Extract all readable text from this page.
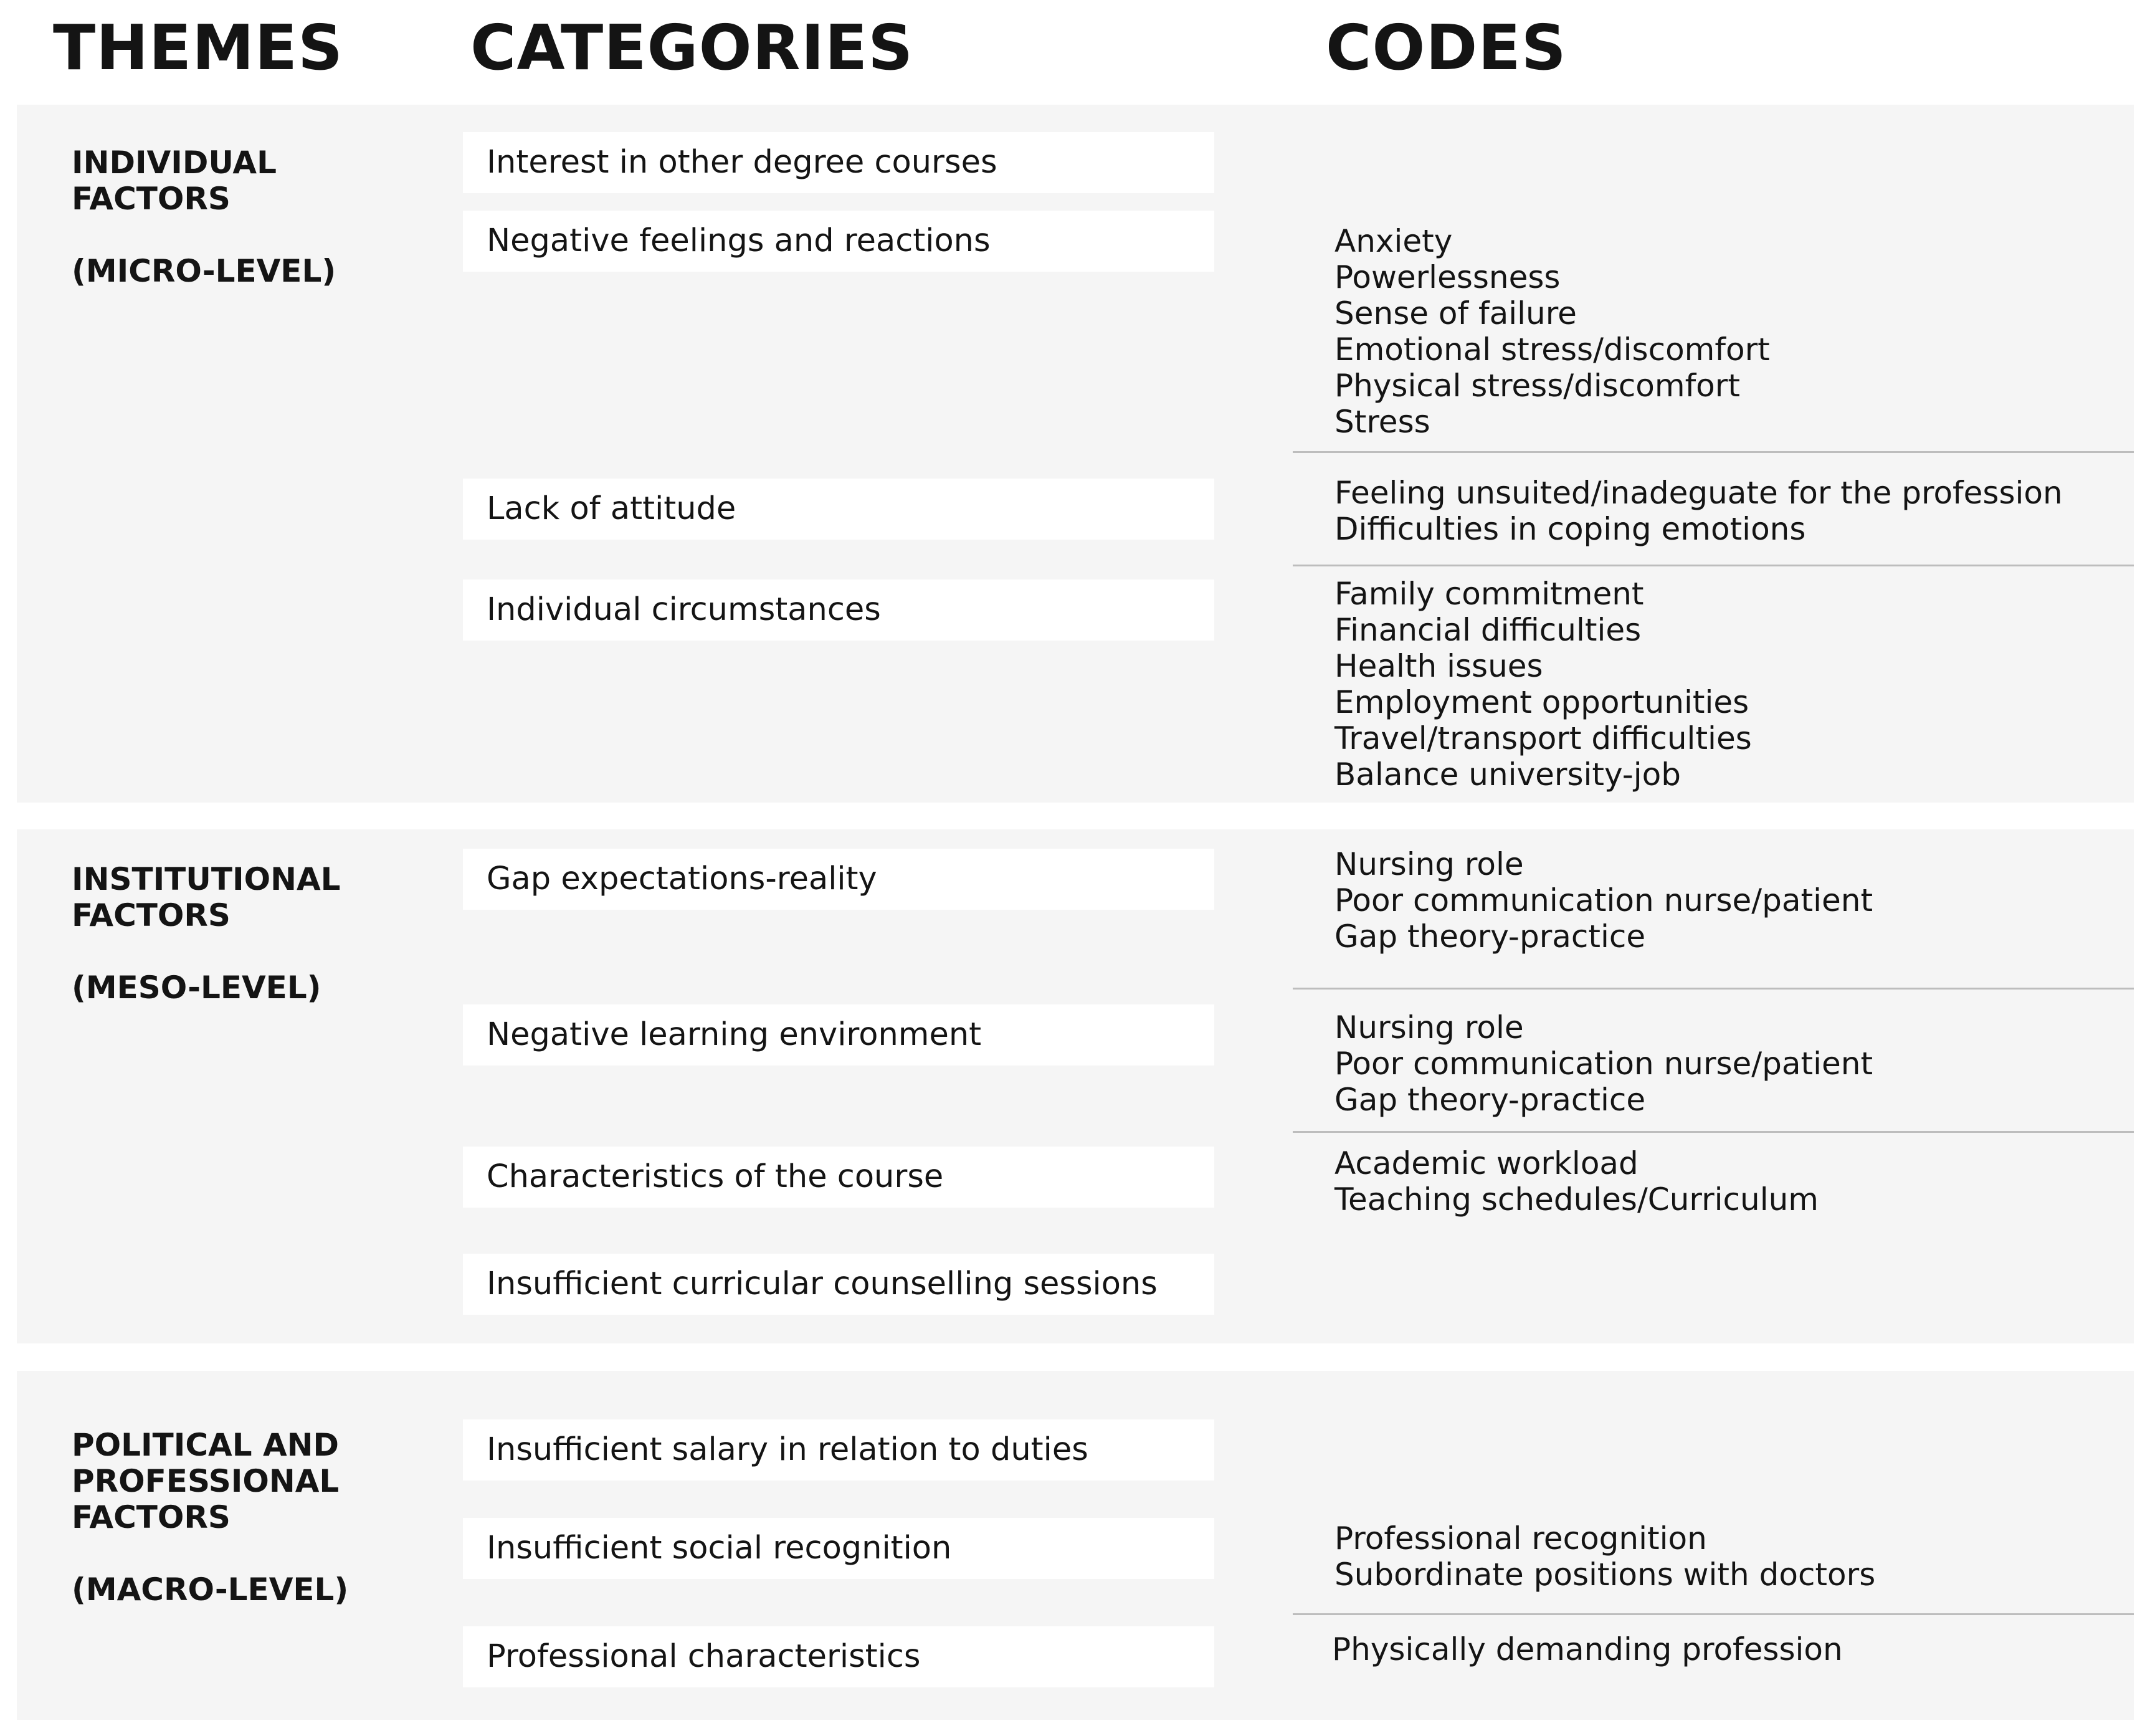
THEMES CATEGORIES	CODES
INDIVIDUAL
FACTORS
(MICRO-LEVEL)
Interest in other degree courses
Negative feelings and reactions
Lack of attitude
Individual circumstances
Anxiety
Powerlessness
Sense of failure
Emotional stress/discomfort
Physical stress/discomfort
Stress
Feeling unsuited/inadeguate for the profession
Difficulties in coping emotions
Family commitment
Financial difficulties
Health issues
Employment opportunities
Travel/transport difficulties
Balance university-job
INSTITUTIONAL
FACTORS
(MESO-LEVEL)
Gap expectations-reality
Negative learning environment
Characteristics of the course
Insufficient curricular counselling sessions
Nursing role
Poor communication nurse/patient
Gap theory-practice
Nursing role
Poor communication nurse/patient
Gap theory-practice
Academic workload
Teaching schedules/Curriculum
POLITICAL AND
PROFESSIONAL
FACTORS
(MACRO-LEVEL)
Insufficient salary in relation to duties
Insufficient social recognition
Professional characteristics
Professional recognition
Subordinate positions with doctors
Physically demanding profession
